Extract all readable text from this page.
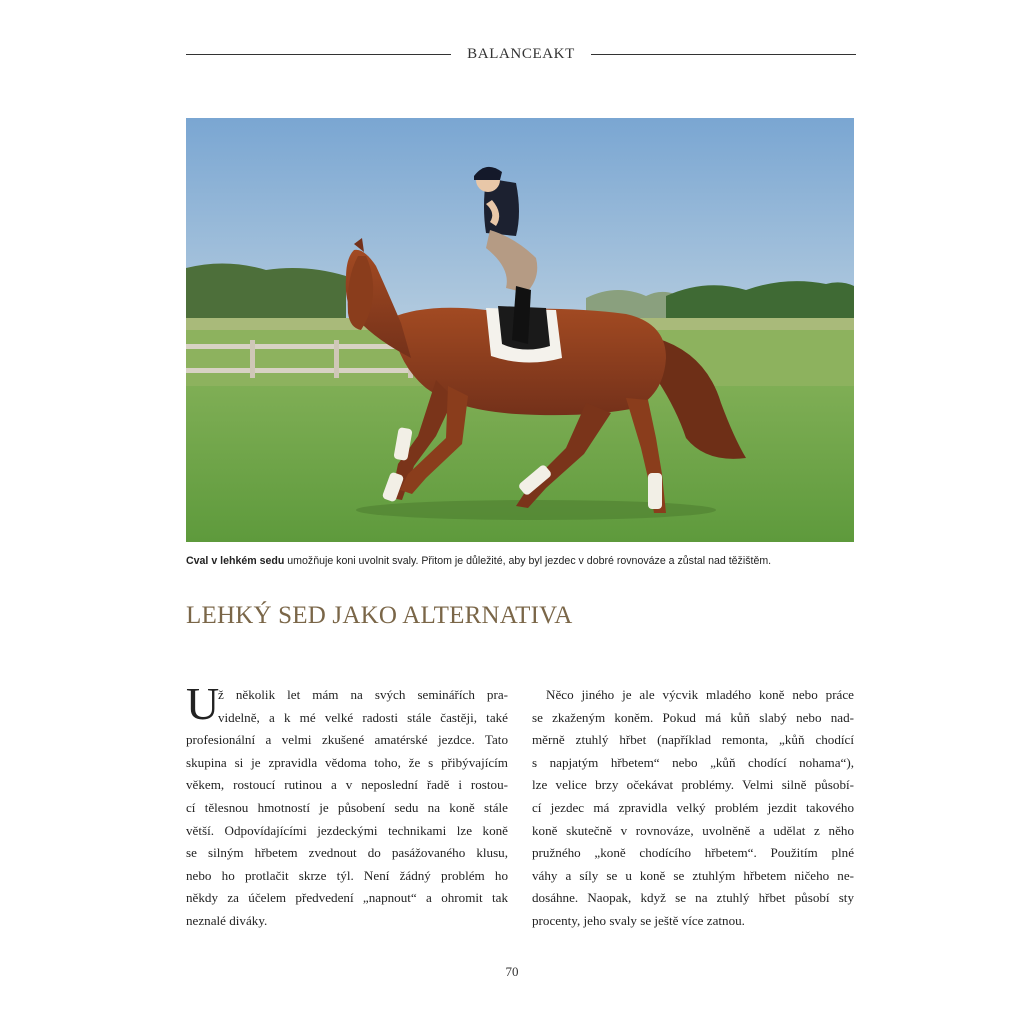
BALANCEAKT
Cval v lehkém sedu umožňuje koni uvolnit svaly. Přitom je důležité, aby byl jezdec v dobré rovnováze a zůstal nad těžištěm.
LEHKÝ SED JAKO ALTERNATIVA
U
ž několik let mám na svých seminářích pra-
videlně, a k mé velké radosti stále častěji, také
profesionální a velmi zkušené amatérské jezdce. Tato
skupina si je zpravidla vědoma toho, že s přibývajícím
věkem, rostoucí rutinou a v neposlední řadě i rostou-
cí tělesnou hmotností je působení sedu na koně stále
větší. Odpovídajícími jezdeckými technikami lze koně
se silným hřbetem zvednout do pasážovaného klusu,
nebo ho protlačit skrze týl. Není žádný problém ho
někdy za účelem předvedení „napnout“ a ohromit tak
neznalé diváky.
Něco jiného je ale výcvik mladého koně nebo práce
se zkaženým koněm. Pokud má kůň slabý nebo nad-
měrně ztuhlý hřbet (například remonta, „kůň chodící
s napjatým hřbetem“ nebo „kůň chodící nohama“),
lze velice brzy očekávat problémy. Velmi silně působí-
cí jezdec má zpravidla velký problém jezdit takového
koně skutečně v rovnováze, uvolněně a udělat z něho
pružného „koně chodícího hřbetem“. Použitím plné
váhy a síly se u koně se ztuhlým hřbetem ničeho ne-
dosáhne. Naopak, když se na ztuhlý hřbet působí sty
procenty, jeho svaly se ještě více zatnou.
70
